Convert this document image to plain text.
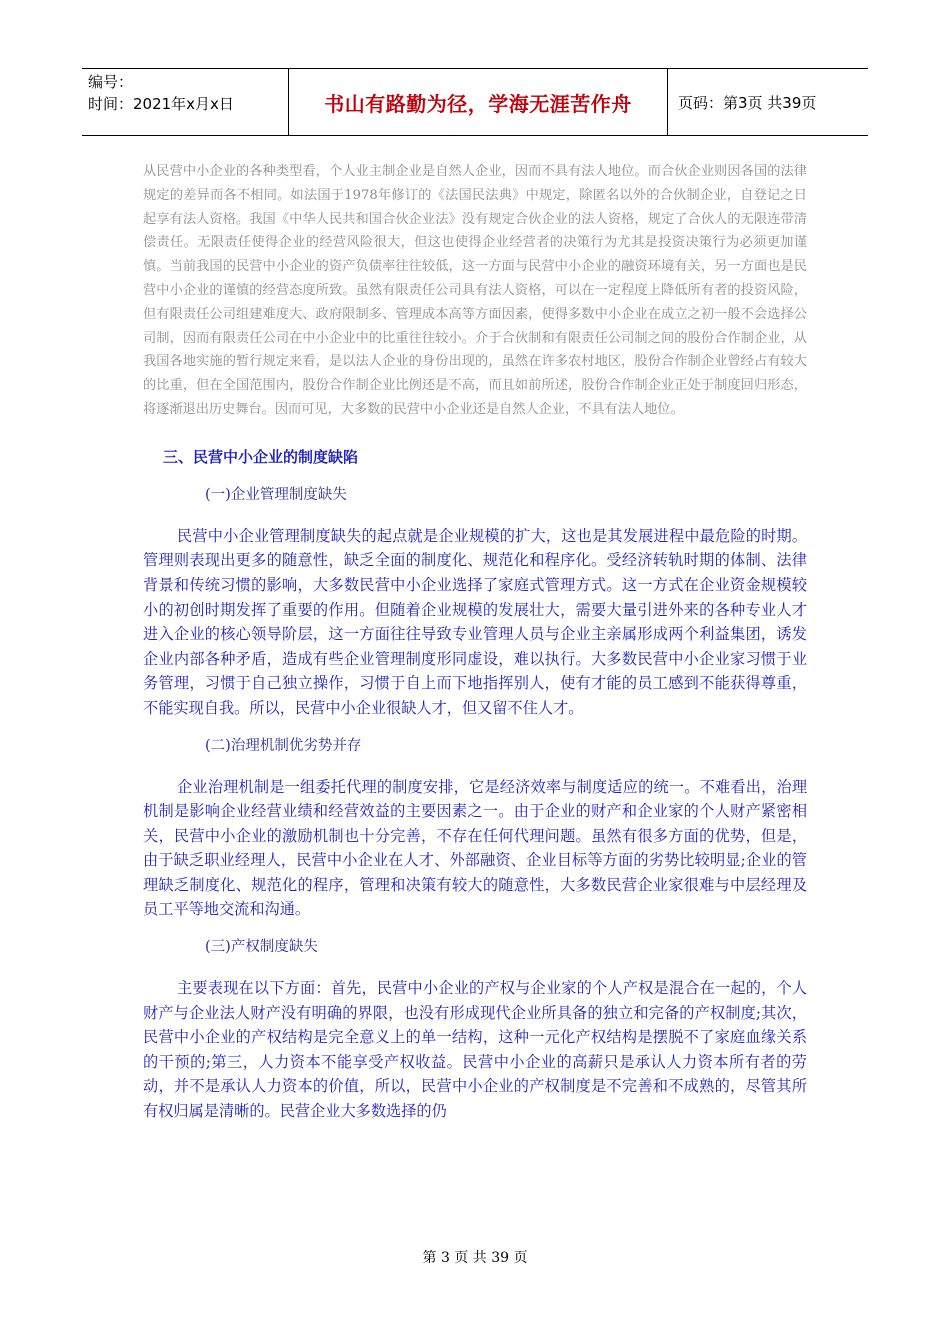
编号：
时间：2021年x月x日	书山有路勤为径，学海无涯苦作舟	页码：第3页 共39页

从民营中小企业的各种类型看，个人业主制企业是自然人企业，因而不具有法人地位。而合伙企业则因各国的法律规定的差异而各不相同。如法国于1978年修订的《法国民法典》中规定，除匿名以外的合伙制企业，自登记之日起享有法人资格。我国《中华人民共和国合伙企业法》没有规定合伙企业的法人资格，规定了合伙人的无限连带清偿责任。无限责任使得企业的经营风险很大，但这也使得企业经营者的决策行为尤其是投资决策行为必须更加谨慎。当前我国的民营中小企业的资产负债率往往较低，这一方面与民营中小企业的融资环境有关，另一方面也是民营中小企业的谨慎的经营态度所致。虽然有限责任公司具有法人资格，可以在一定程度上降低所有者的投资风险，但有限责任公司组建难度大、政府限制多、管理成本高等方面因素，使得多数中小企业在成立之初一般不会选择公司制，因而有限责任公司在中小企业中的比重往往较小。介于合伙制和有限责任公司制之间的股份合作制企业，从我国各地实施的暂行规定来看，是以法人企业的身份出现的，虽然在许多农村地区，股份合作制企业曾经占有较大的比重，但在全国范围内，股份合作制企业比例还是不高，而且如前所述，股份合作制企业正处于制度回归形态，将逐渐退出历史舞台。因而可见，大多数的民营中小企业还是自然人企业，不具有法人地位。

三、民营中小企业的制度缺陷
(一)企业管理制度缺失

民营中小企业管理制度缺失的起点就是企业规模的扩大，这也是其发展进程中最危险的时期。管理则表现出更多的随意性，缺乏全面的制度化、规范化和程序化。受经济转轨时期的体制、法律背景和传统习惯的影响，大多数民营中小企业选择了家庭式管理方式。这一方式在企业资金规模较小的初创时期发挥了重要的作用。但随着企业规模的发展壮大，需要大量引进外来的各种专业人才进入企业的核心领导阶层，这一方面往往导致专业管理人员与企业主亲属形成两个利益集团，诱发企业内部各种矛盾，造成有些企业管理制度形同虚设，难以执行。大多数民营中小企业家习惯于业务管理，习惯于自己独立操作，习惯于自上而下地指挥别人，使有才能的员工感到不能获得尊重，不能实现自我。所以，民营中小企业很缺人才，但又留不住人才。

(二)治理机制优劣势并存

企业治理机制是一组委托代理的制度安排，它是经济效率与制度适应的统一。不难看出，治理机制是影响企业经营业绩和经营效益的主要因素之一。由于企业的财产和企业家的个人财产紧密相关，民营中小企业的激励机制也十分完善，不存在任何代理问题。虽然有很多方面的优势，但是，由于缺乏职业经理人，民营中小企业在人才、外部融资、企业目标等方面的劣势比较明显;企业的管理缺乏制度化、规范化的程序，管理和决策有较大的随意性，大多数民营企业家很难与中层经理及员工平等地交流和沟通。

(三)产权制度缺失

主要表现在以下方面：首先，民营中小企业的产权与企业家的个人产权是混合在一起的，个人财产与企业法人财产没有明确的界限，也没有形成现代企业所具备的独立和完备的产权制度;其次，民营中小企业的产权结构是完全意义上的单一结构，这种一元化产权结构是摆脱不了家庭血缘关系的干预的;第三，人力资本不能享受产权收益。民营中小企业的高薪只是承认人力资本所有者的劳动，并不是承认人力资本的价值，所以，民营中小企业的产权制度是不完善和不成熟的，尽管其所有权归属是清晰的。民营企业大多数选择的仍

第 3 页 共 39 页
